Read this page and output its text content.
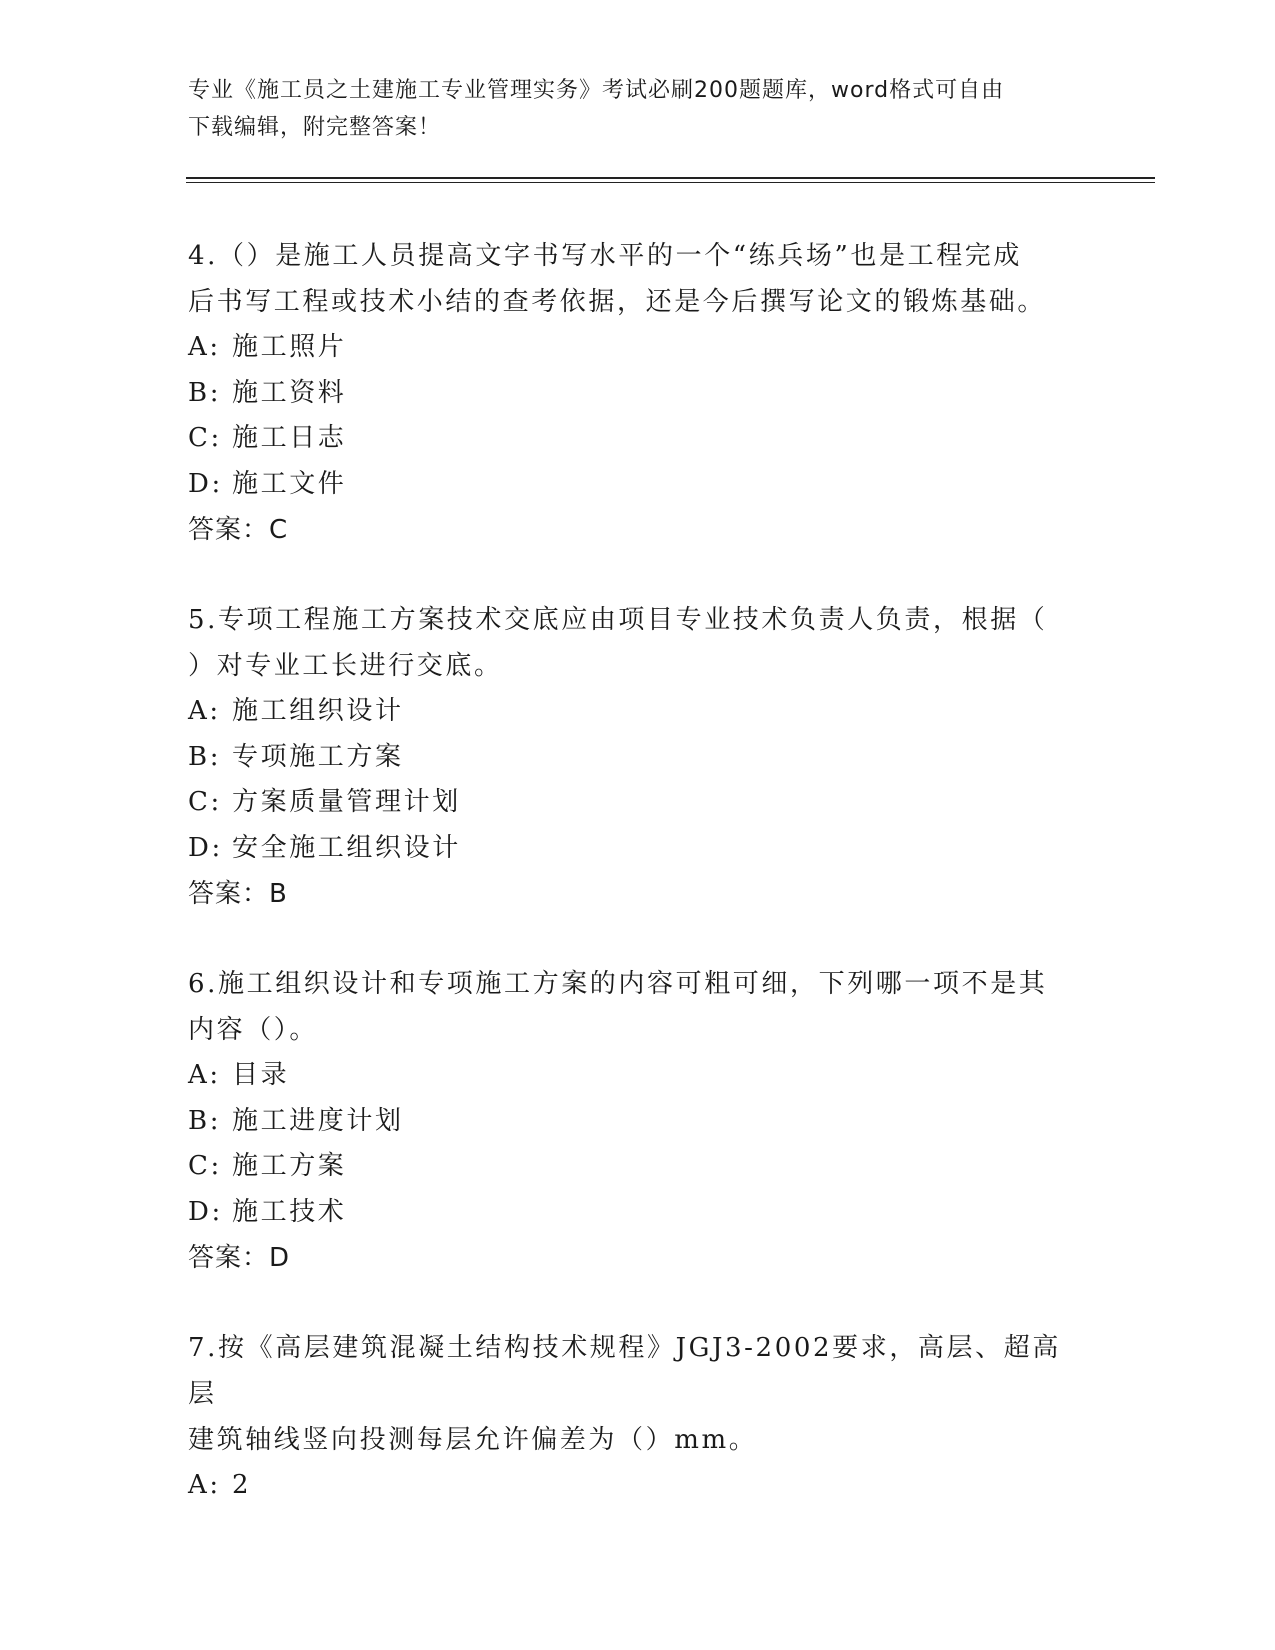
专业《施工员之土建施工专业管理实务》考试必刷200题题库，word格式可自由
下载编辑，附完整答案！

4.（）是施工人员提高文字书写水平的一个“练兵场”也是工程完成
后书写工程或技术小结的查考依据，还是今后撰写论文的锻炼基础。

A: 施工照片

B: 施工资料

C: 施工日志

D: 施工文件

答案：C

5.专项工程施工方案技术交底应由项目专业技术负责人负责，根据（
）对专业工长进行交底。

A: 施工组织设计

B: 专项施工方案

C: 方案质量管理计划

D: 安全施工组织设计

答案：B

6.施工组织设计和专项施工方案的内容可粗可细，下列哪一项不是其
内容（）。

A: 目录

B: 施工进度计划

C: 施工方案

D: 施工技术

答案：D

7.按《高层建筑混凝土结构技术规程》JGJ3-2002要求，高层、超高层
建筑轴线竖向投测每层允许偏差为（）mm。

A: 2
